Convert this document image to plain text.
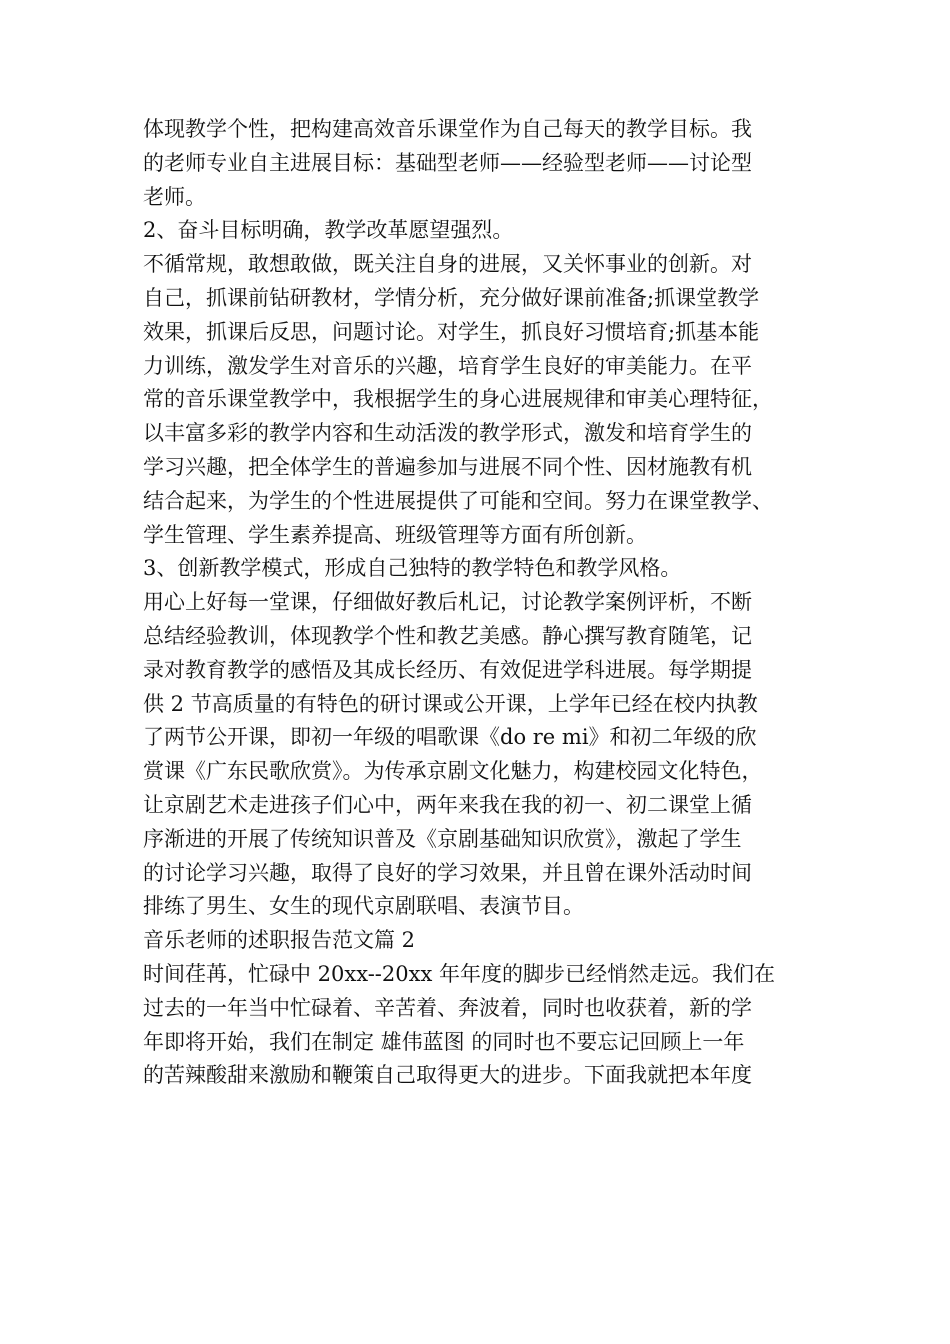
体现教学个性，把构建高效音乐课堂作为自己每天的教学目标。我
的老师专业自主进展目标：基础型老师——经验型老师——讨论型
老师。
2、奋斗目标明确，教学改革愿望强烈。
不循常规，敢想敢做，既关注自身的进展，又关怀事业的创新。对
自己，抓课前钻研教材，学情分析，充分做好课前准备;抓课堂教学
效果，抓课后反思，问题讨论。对学生，抓良好习惯培育;抓基本能
力训练，激发学生对音乐的兴趣，培育学生良好的审美能力。在平
常的音乐课堂教学中，我根据学生的身心进展规律和审美心理特征，
以丰富多彩的教学内容和生动活泼的教学形式，激发和培育学生的
学习兴趣，把全体学生的普遍参加与进展不同个性、因材施教有机
结合起来，为学生的个性进展提供了可能和空间。努力在课堂教学、
学生管理、学生素养提高、班级管理等方面有所创新。
3、创新教学模式，形成自己独特的教学特色和教学风格。
用心上好每一堂课，仔细做好教后札记，讨论教学案例评析，不断
总结经验教训，体现教学个性和教艺美感。静心撰写教育随笔，记
录对教育教学的感悟及其成长经历、有效促进学科进展。每学期提
供 2 节高质量的有特色的研讨课或公开课，上学年已经在校内执教
了两节公开课，即初一年级的唱歌课《do re mi》和初二年级的欣
赏课《广东民歌欣赏》。为传承京剧文化魅力，构建校园文化特色，
让京剧艺术走进孩子们心中，两年来我在我的初一、初二课堂上循
序渐进的开展了传统知识普及《京剧基础知识欣赏》，激起了学生
的讨论学习兴趣，取得了良好的学习效果，并且曾在课外活动时间
排练了男生、女生的现代京剧联唱、表演节目。
音乐老师的述职报告范文篇 2
时间荏苒，忙碌中 20xx--20xx 年年度的脚步已经悄然走远。我们在
过去的一年当中忙碌着、辛苦着、奔波着，同时也收获着，新的学
年即将开始，我们在制定 雄伟蓝图 的同时也不要忘记回顾上一年
的苦辣酸甜来激励和鞭策自己取得更大的进步。下面我就把本年度
